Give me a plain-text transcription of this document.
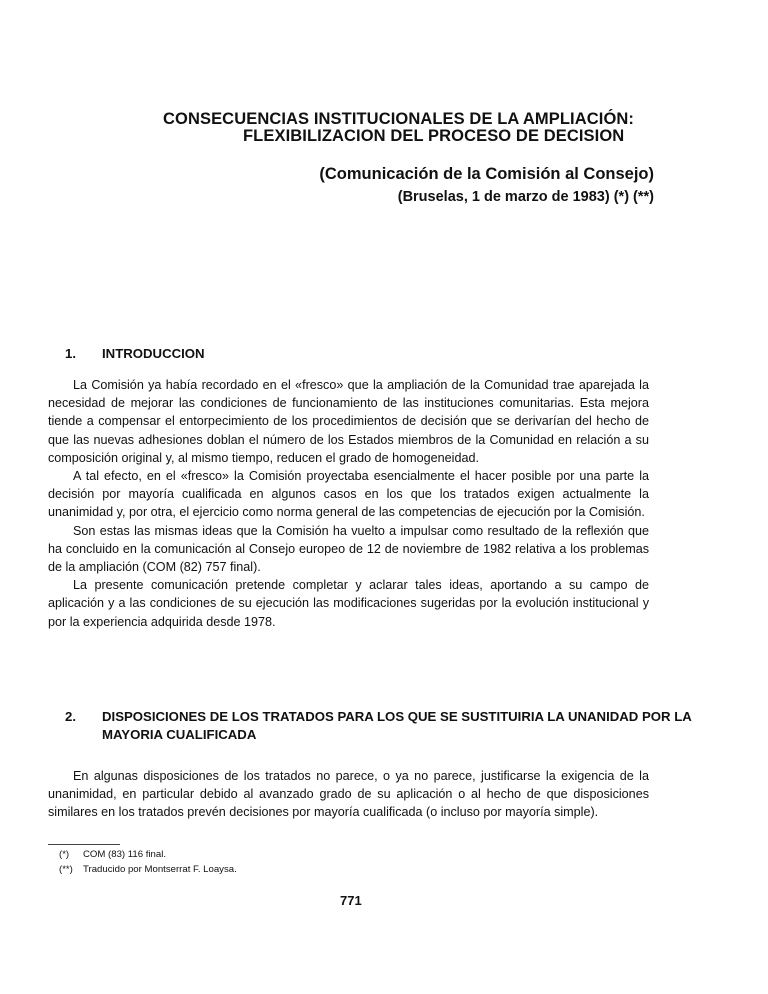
CONSECUENCIAS INSTITUCIONALES DE LA AMPLIACIÓN:
FLEXIBILIZACION DEL PROCESO DE DECISION
(Comunicación de la Comisión al Consejo)
(Bruselas, 1 de marzo de 1983) (*) (**)
1. INTRODUCCION

La Comisión ya había recordado en el «fresco» que la ampliación de la Comunidad trae aparejada la necesidad de mejorar las condiciones de funcionamiento de las instituciones comunitarias. Esta mejora tiende a compensar el entorpecimiento de los procedimientos de decisión que se derivarían del hecho de que las nuevas adhesiones doblan el número de los Estados miembros de la Comunidad en relación a su composición original y, al mismo tiempo, reducen el grado de homogeneidad.

A tal efecto, en el «fresco» la Comisión proyectaba esencialmente el hacer posible por una parte la decisión por mayoría cualificada en algunos casos en los que los tratados exigen actualmente la unanimidad y, por otra, el ejercicio como norma general de las competencias de ejecución por la Comisión.

Son estas las mismas ideas que la Comisión ha vuelto a impulsar como resultado de la reflexión que ha concluido en la comunicación al Consejo europeo de 12 de noviembre de 1982 relativa a los problemas de la ampliación (COM (82) 757 final).

La presente comunicación pretende completar y aclarar tales ideas, aportando a su campo de aplicación y a las condiciones de su ejecución las modificaciones sugeridas por la evolución institucional y por la experiencia adquirida desde 1978.

2. DISPOSICIONES DE LOS TRATADOS PARA LOS QUE SE SUSTITUIRIA LA UNANIDAD POR LA MAYORIA CUALIFICADA

En algunas disposiciones de los tratados no parece, o ya no parece, justificarse la exigencia de la unanimidad, en particular debido al avanzado grado de su aplicación o al hecho de que disposiciones similares en los tratados prevén decisiones por mayoría cualificada (o incluso por mayoría simple).

(*) COM (83) 116 final.
(**) Traducido por Montserrat F. Loaysa.
771
